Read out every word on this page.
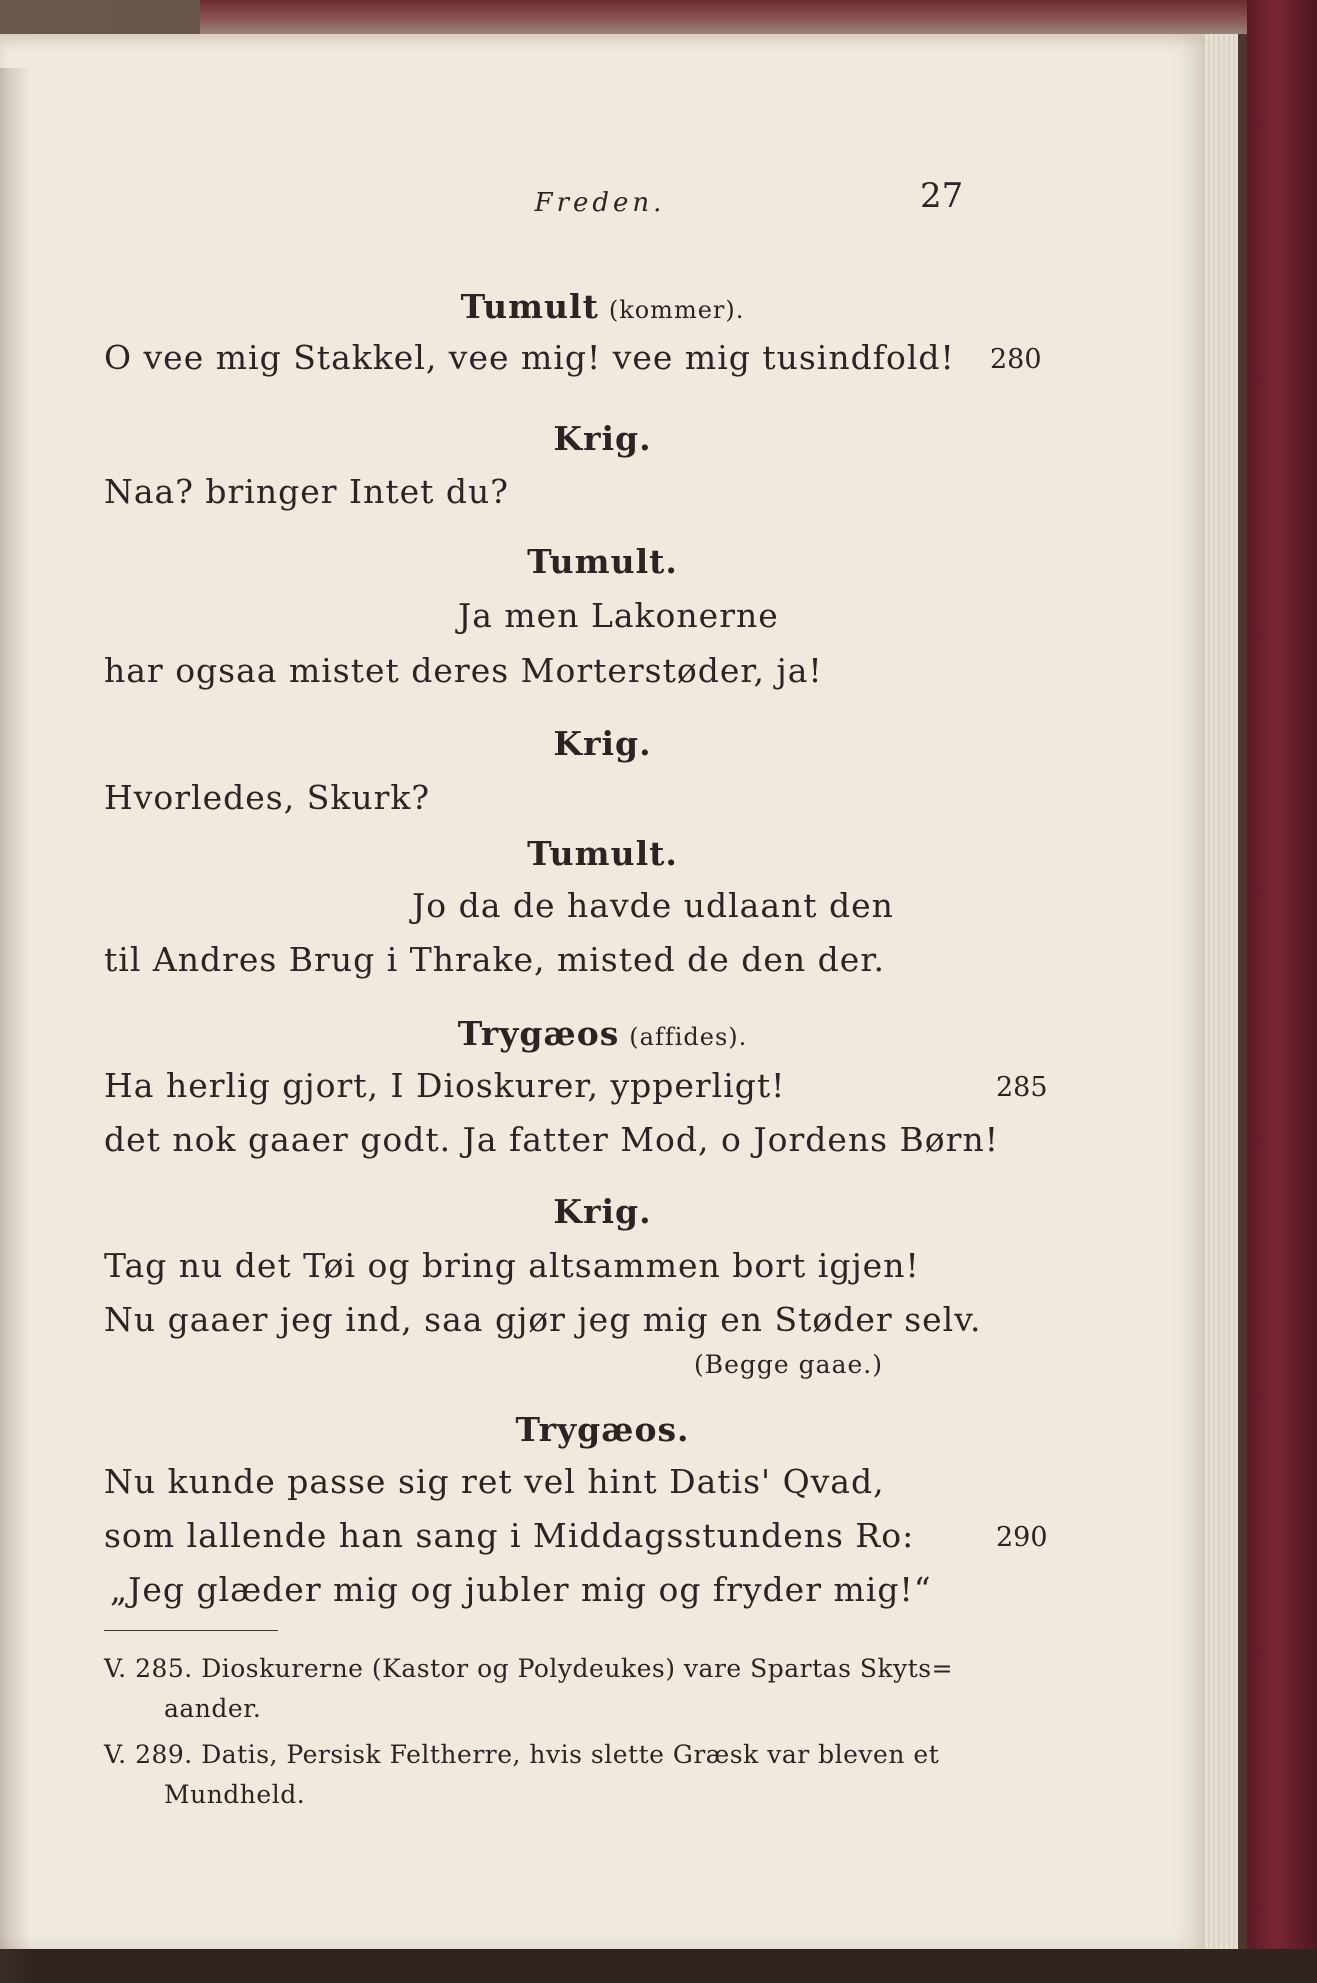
Freden.	27
Tumult (kommer).
O vee mig Stakkel, vee mig! vee mig tusindfold! 280
Krig.
Naa? bringer Intet du?
Tumult.
Ja men Lakonerne
har ogsaa mistet deres Morterstøder, ja!
Krig.
Hvorledes, Skurk?
Tumult.
Jo da de havde udlaant den
til Andres Brug i Thrake, misted de den der.
Trygæos (affides).
Ha herlig gjort, I Dioskurer, ypperligt!	285
det nok gaaer godt. Ja fatter Mod, o Jordens Børn!
Krig.
Tag nu det Tøi og bring altsammen bort igjen!
Nu gaaer jeg ind, saa gjør jeg mig en Støder selv.
(Begge gaae.)
Trygæos.
Nu kunde passe sig ret vel hint Datis' Qvad,
som lallende han sang i Middagsstundens Ro:	290
„Jeg glæder mig og jubler mig og fryder mig!“
V. 285. Dioskurerne (Kastor og Polydeukes) vare Spartas Skyts=
aander.
V. 289. Datis, Persisk Feltherre, hvis slette Græsk var bleven et
Mundheld.
